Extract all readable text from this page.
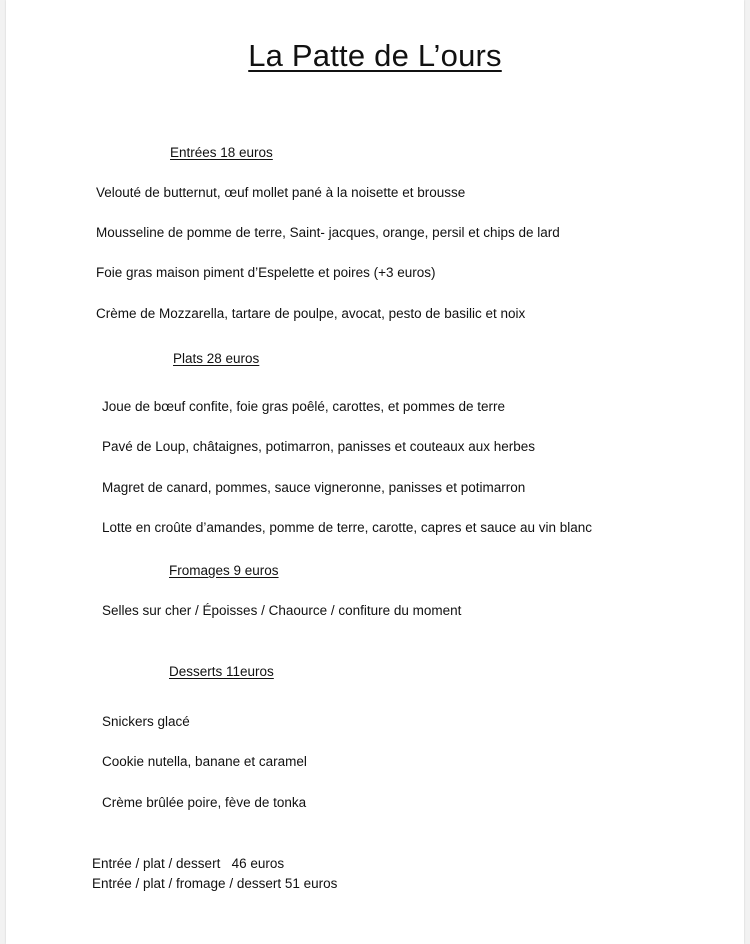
La Patte de L’ours
Entrées 18 euros
Velouté de butternut, œuf mollet pané à la noisette et brousse
Mousseline de pomme de terre, Saint- jacques, orange, persil et chips de lard
Foie gras maison piment d’Espelette et poires (+3 euros)
Crème de Mozzarella, tartare de poulpe, avocat, pesto de basilic et noix
Plats 28 euros
Joue de bœuf confite, foie gras poêlé, carottes, et pommes de terre
Pavé de Loup, châtaignes, potimarron, panisses et couteaux aux herbes
Magret de canard, pommes, sauce vigneronne, panisses et potimarron
Lotte en croûte d’amandes, pomme de terre, carotte, capres et sauce au vin blanc
Fromages 9 euros
Selles sur cher / Époisses / Chaource / confiture du moment
Desserts 11euros
Snickers glacé
Cookie nutella, banane et caramel
Crème brûlée poire, fève de tonka
Entrée / plat / dessert   46 euros
Entrée / plat / fromage / dessert 51 euros
